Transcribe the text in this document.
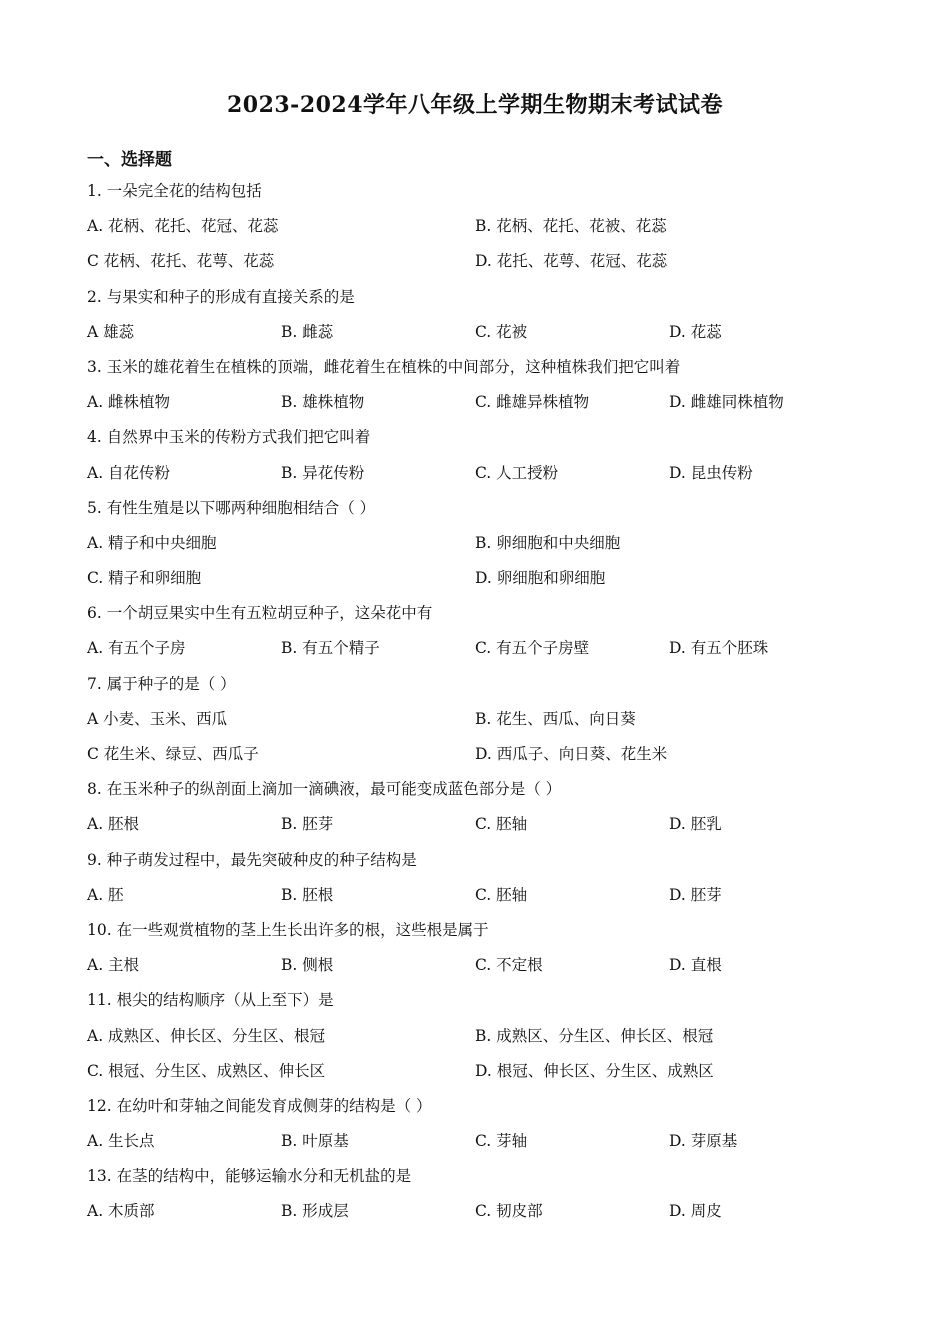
2023-2024学年八年级上学期生物期末考试试卷
一、选择题
1. 一朵完全花的结构包括
A. 花柄、花托、花冠、花蕊	B. 花柄、花托、花被、花蕊
C 花柄、花托、花萼、花蕊	D. 花托、花萼、花冠、花蕊
2. 与果实和种子的形成有直接关系的是
A 雄蕊	B. 雌蕊	C. 花被	D. 花蕊
3. 玉米的雄花着生在植株的顶端，雌花着生在植株的中间部分，这种植株我们把它叫着
A. 雌株植物	B. 雄株植物	C. 雌雄异株植物	D. 雌雄同株植物
4. 自然界中玉米的传粉方式我们把它叫着
A. 自花传粉	B. 异花传粉	C. 人工授粉	D. 昆虫传粉
5. 有性生殖是以下哪两种细胞相结合（ ）
A. 精子和中央细胞	B. 卵细胞和中央细胞
C. 精子和卵细胞	D. 卵细胞和卵细胞
6. 一个胡豆果实中生有五粒胡豆种子，这朵花中有
A. 有五个子房	B. 有五个精子	C. 有五个子房壁	D. 有五个胚珠
7. 属于种子的是（ ）
A 小麦、玉米、西瓜	B. 花生、西瓜、向日葵
C 花生米、绿豆、西瓜子	D. 西瓜子、向日葵、花生米
8. 在玉米种子的纵剖面上滴加一滴碘液，最可能变成蓝色部分是（ ）
A. 胚根	B. 胚芽	C. 胚轴	D. 胚乳
9. 种子萌发过程中，最先突破种皮的种子结构是
A. 胚	B. 胚根	C. 胚轴	D. 胚芽
10. 在一些观赏植物的茎上生长出许多的根，这些根是属于
A. 主根	B. 侧根	C. 不定根	D. 直根
11. 根尖的结构顺序（从上至下）是
A. 成熟区、伸长区、分生区、根冠	B. 成熟区、分生区、伸长区、根冠
C. 根冠、分生区、成熟区、伸长区	D. 根冠、伸长区、分生区、成熟区
12. 在幼叶和芽轴之间能发育成侧芽的结构是（ ）
A. 生长点	B. 叶原基	C. 芽轴	D. 芽原基
13. 在茎的结构中，能够运输水分和无机盐的是
A. 木质部	B. 形成层	C. 韧皮部	D. 周皮
